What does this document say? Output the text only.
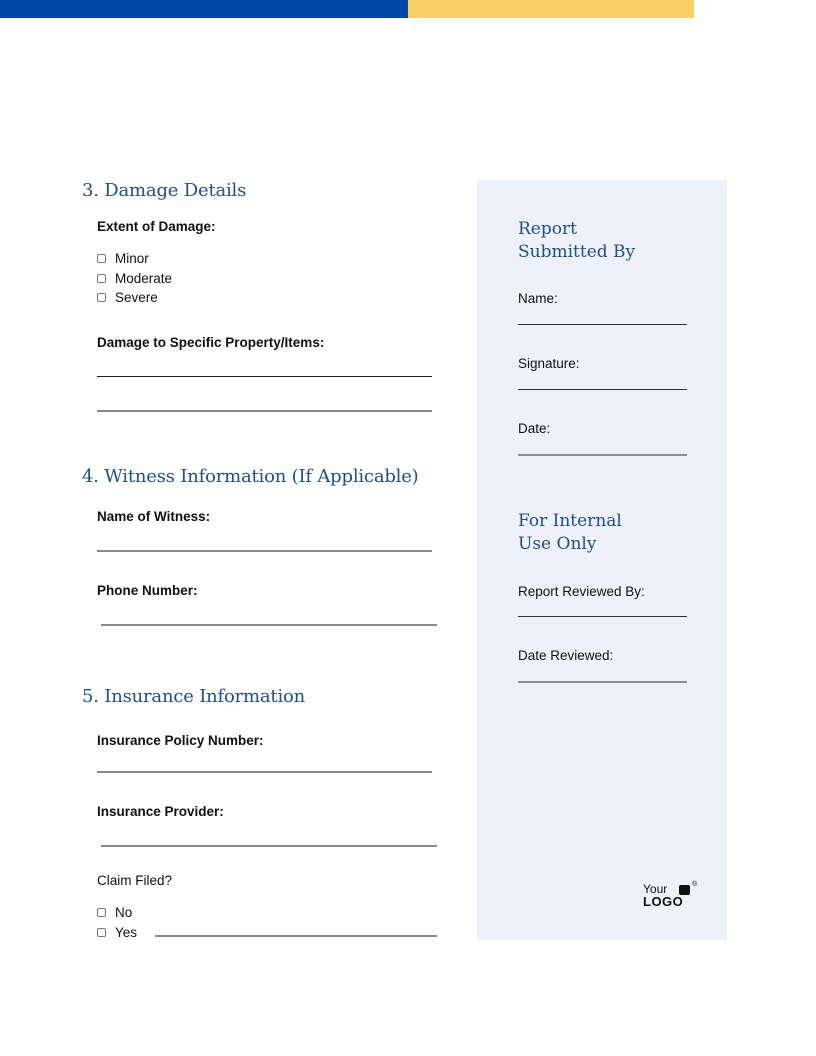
3. Damage Details
Extent of Damage:
Minor
Moderate
Severe
Damage to Specific Property/Items:
4. Witness Information (If Applicable)
Name of Witness:
Phone Number:
5. Insurance Information
Insurance Policy Number:
Insurance Provider:
Claim Filed?
No
Yes
Report
Submitted By
Name:
Signature:
Date:
For Internal
Use Only
Report Reviewed By:
Date Reviewed:
Your	®
LOGO
